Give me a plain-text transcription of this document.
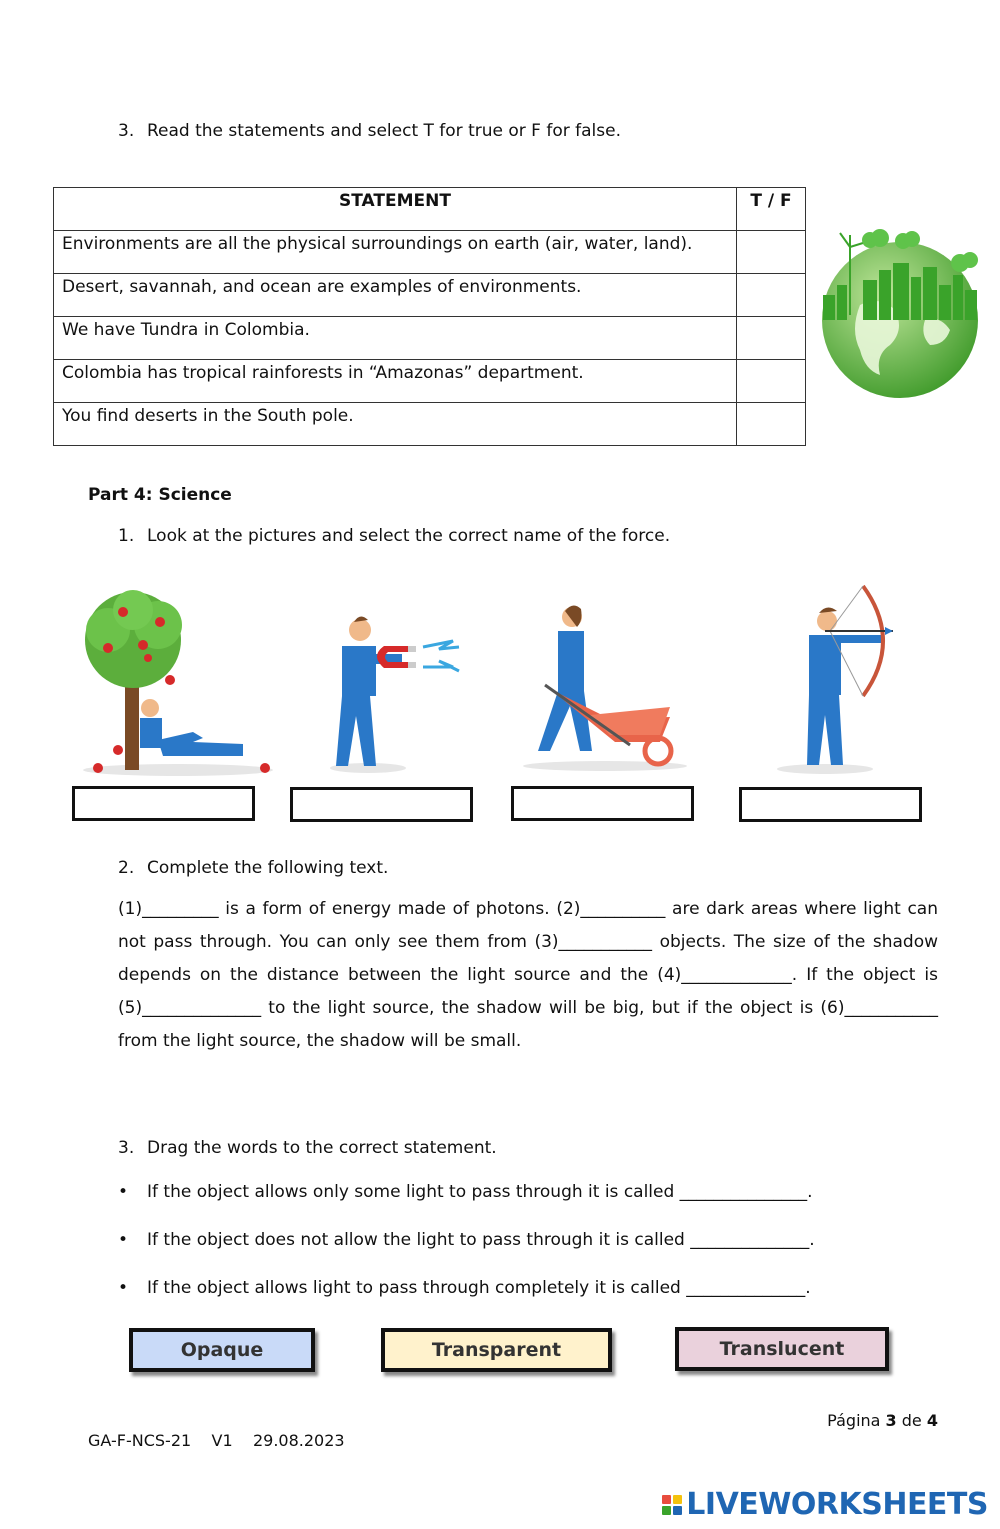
3. Read the statements and select T for true or F for false.
STATEMENT	T / F
Environments are all the physical surroundings on earth (air, water, land).	
Desert, savannah, and ocean are examples of environments.	
We have Tundra in Colombia.	
Colombia has tropical rainforests in “Amazonas” department.	
You find deserts in the South pole.	
Part 4: Science
1. Look at the pictures and select the correct name of the force.
2. Complete the following text.
(1)_________ is a form of energy made of photons. (2)__________ are dark areas where light can not pass through. You can only see them from (3)___________ objects. The size of the shadow depends on the distance between the light source and the (4)_____________. If the object is (5)______________ to the light source, the shadow will be big, but if the object is (6)___________ from the light source, the shadow will be small.
3. Drag the words to the correct statement.
• If the object allows only some light to pass through it is called _______________.
• If the object does not allow the light to pass through it is called ______________.
• If the object allows light to pass through completely it is called ______________.
Opaque	Transparent	Translucent
Página 3 de 4
GA-F-NCS-21    V1    29.08.2023
LIVEWORKSHEETS
